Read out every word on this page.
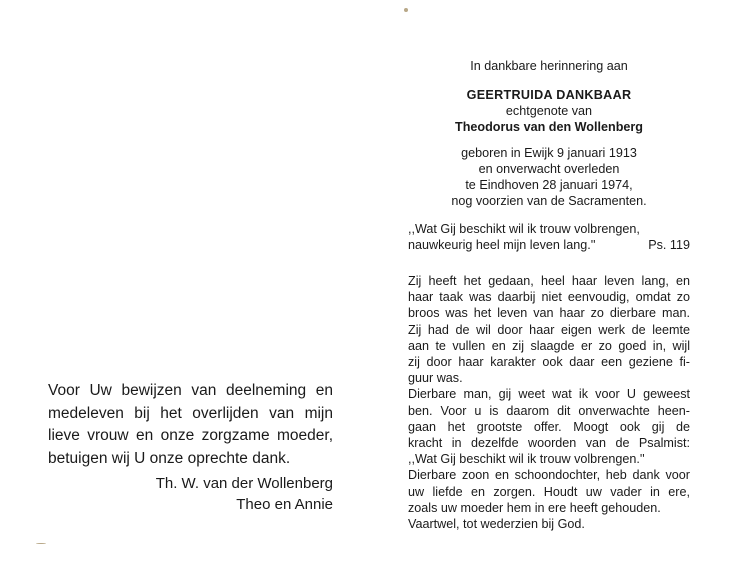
Voor Uw bewijzen van deelneming en
medeleven bij het overlijden van mijn
lieve vrouw en onze zorgzame moeder,
betuigen wij U onze oprechte dank.
Th. W. van der Wollenberg
Theo en Annie
In dankbare herinnering aan
GEERTRUIDA DANKBAAR
echtgenote van
Theodorus van den Wollenberg
geboren in Ewijk 9 januari 1913
en onverwacht overleden
te Eindhoven 28 januari 1974,
nog voorzien van de Sacramenten.
,,Wat Gij beschikt wil ik trouw volbrengen,
nauwkeurig heel mijn leven lang.''	Ps. 119
Zij heeft het gedaan, heel haar leven lang, en
haar taak was daarbij niet eenvoudig, omdat zo
broos was het leven van haar zo dierbare man.
Zij had de wil door haar eigen werk de leemte
aan te vullen en zij slaagde er zo goed in, wijl
zij door haar karakter ook daar een geziene fi-
guur was.
Dierbare man, gij weet wat ik voor U geweest
ben. Voor u is daarom dit onverwachte heen-
gaan het grootste offer. Moogt ook gij de
kracht in dezelfde woorden van de Psalmist:
,,Wat Gij beschikt wil ik trouw volbrengen.''
Dierbare zoon en schoondochter, heb dank voor
uw liefde en zorgen. Houdt uw vader in ere,
zoals uw moeder hem in ere heeft gehouden.
Vaartwel, tot wederzien bij God.
